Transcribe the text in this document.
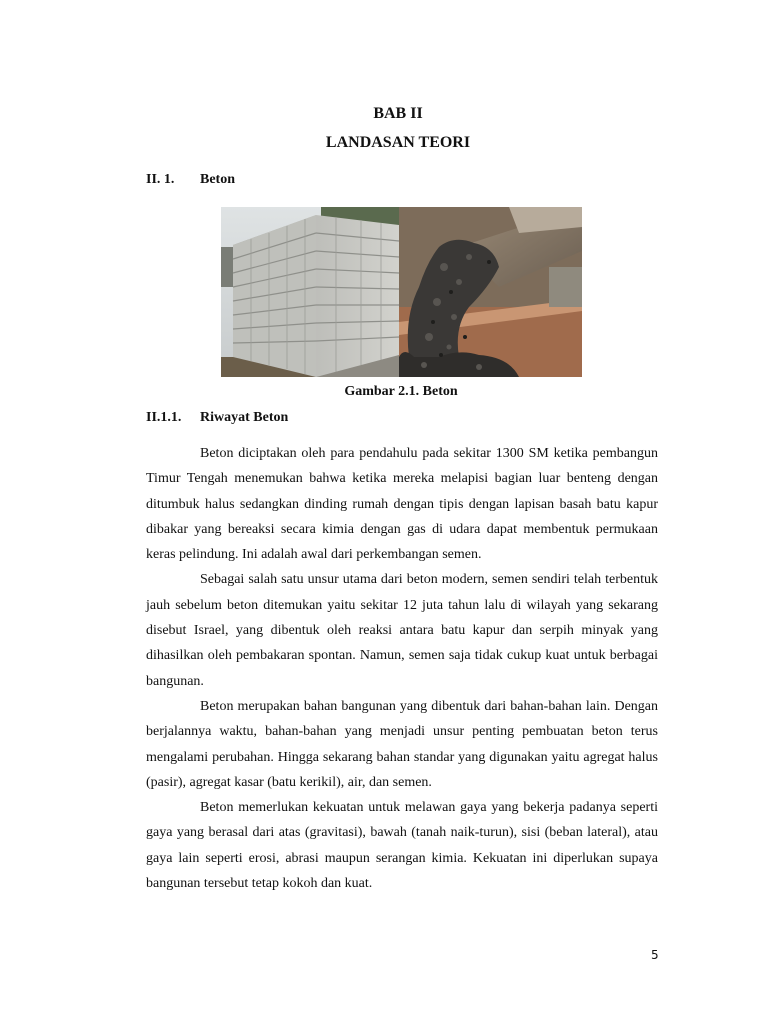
BAB II
LANDASAN TEORI
II. 1. Beton
Gambar 2.1. Beton
II.1.1. Riwayat Beton

Beton diciptakan oleh para pendahulu pada sekitar 1300 SM ketika pembangun Timur Tengah menemukan bahwa ketika mereka melapisi bagian luar benteng dengan ditumbuk halus sedangkan dinding rumah dengan tipis dengan lapisan basah batu kapur dibakar yang bereaksi secara kimia dengan gas di udara dapat membentuk permukaan keras pelindung. Ini adalah awal dari perkembangan semen.

Sebagai salah satu unsur utama dari beton modern, semen sendiri telah terbentuk jauh sebelum beton ditemukan yaitu sekitar 12 juta tahun lalu di wilayah yang sekarang disebut Israel, yang dibentuk oleh reaksi antara batu kapur dan serpih minyak yang dihasilkan oleh pembakaran spontan. Namun, semen saja tidak cukup kuat untuk berbagai bangunan.

Beton merupakan bahan bangunan yang dibentuk dari bahan-bahan lain. Dengan berjalannya waktu, bahan-bahan yang menjadi unsur penting pembuatan beton terus mengalami perubahan. Hingga sekarang bahan standar yang digunakan yaitu agregat halus (pasir), agregat kasar (batu kerikil), air, dan semen.

Beton memerlukan kekuatan untuk melawan gaya yang bekerja padanya seperti gaya yang berasal dari atas (gravitasi), bawah (tanah naik-turun), sisi (beban lateral), atau gaya lain seperti erosi, abrasi maupun serangan kimia. Kekuatan ini diperlukan supaya bangunan tersebut tetap kokoh dan kuat.

5
